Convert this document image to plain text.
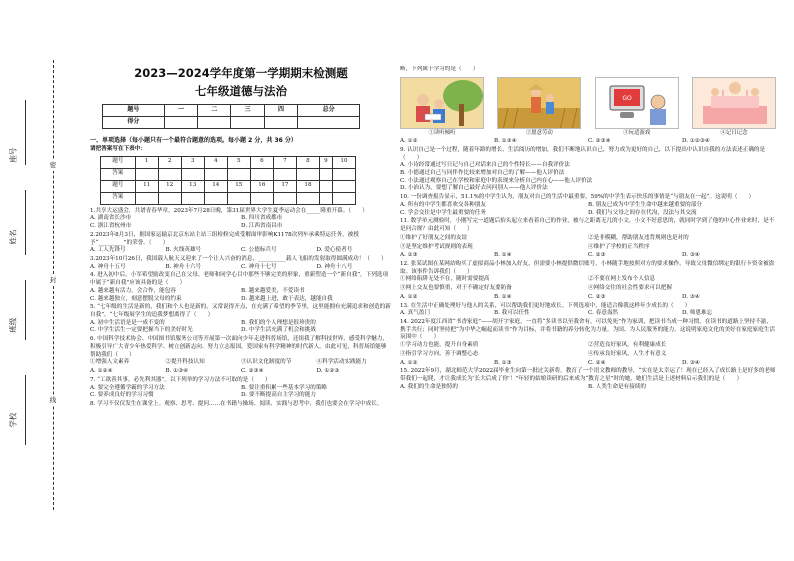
密
封
线
学校
班级
姓名
座号
2023—2024学年度第一学期期末检测题
七年级道德与法治
题号	一	二	三	四	总分
得分					
一、单项选择（每小题只有一个最符合题意的选项。每小题 2 分，共 36 分）
请把答案写在下表中：
题号	1	2	3	4	5	6	7	8	9	10
答案										
题号	11	12	13	14	15	16	17	18		
答案										

1.共享大运盛会，共谱青春华章。2023年7月28日晚，第31届世界大学生夏季运动会在_____隆重开幕。（　　）

A. 湖南省长沙市	B. 四川省成都市
C. 浙江省杭州市	D. 江西省南昌市

2.2023年8月3日，据国家运输京北京东站主站三组检修完成受解面审影响K1178次列车承乘特运任务，被授予“_________”的荣誉。（　　）

A. 工人先锋号	B. 火线英雄号	C. 公德标兵号	D. 爱心使者号

3.2023年10月26日，我国载人航天又迎来了一个让人兴奋的消息，__________载人飞船的发射取得圆满成功！（　　）

A. 神舟十五号	B. 神舟十六号	C. 神舟十七号	D. 神舟十八号

4. 进入初中后，小军希望励改变自己在父母、老师和同学心目中那些不够完美的形象，重新塑造一个“新自我”。下列选项中属于“新自我”应该具备的是（　　）

A. 越来越有活力，会合作，能包容	B. 越来越爱美，不爱读书
C. 越来越独立，刻意摆脱父母的约束	D. 越来越上进，敢于表达，越能自我

5. “七年级的生活是新的，我们和个人也是新的，又常说得开点，在充满了希望的季节里，这里能拥有充满追求和创造的新自我”，“七年级展学生的追我梦想离得了（　　）

A. 初中生活语是是一成不变的	B. 我们的个人理想是很珍贵的
C. 中学生活生一定要把握当下的美好时光	D. 中学生活充满了机会和挑战

6. 中国科学技术协会、中国图书馆服务公司等开展第一次面向少年走进科普场馆，还组我了解科技世界、感受科学魅力，积极引导广大青少年热爱科学、树立创新志向、努力立志报国，爱国家有科学精神的时代新人。由此可见，科普场馆能够帮助我们（　　）

①增强人文素养	②提升科技认知	③认识文化制度的节	④科学活动实践能力
A. ①②④	B. ①③④	C. ②③④	D. ①②③

7. “工欲善其事，必先利其器”。以下列举的学习方法不可取的是（　　）

A. 要完全遵循学霸的学习方法	B. 要注重积累一些基本学习的策略
C. 要养成良好的学习习惯	D. 要不断提高自主学习的能力

8. 学习不仅仅发生在课堂上。观察、思考、提问……在书籍与操场、阅读、实践与思考中，我们也要会在学习中成长。

断，下列属于学习的是（　　）

GO
①读听倾听	②愿意劳动	③玩适游戏	④记日记念
A. ①②	B. ①③④	C. ②③④	D. ①②③④

9. 认识自己是一个过程，随着年龄的增长、生活阅历的增加，我们不断地认识自己，努力成为更好的自己，以下提出中认识自我的方法表述正确的是（　　）

A. 小诗经常通过写日记与自己对话来自己的个性特长——自我评价法
B. 小德通过自己与同伴作比较来增加对自己的了解——他人评价法
C. 小法通过观察自己在学校和家庭中的表现来分析自己内在心——他人评价法
D. 小治认为，要想了解自己最好去问问别人——他人评价法

10. 一份调查报告显示，51.1%的中学生认为，朋友对自己的生活中最重要，59%的中学生表示快乐的事情是“与朋友在一起”。这说明（　　）

A. 所有的中学生都喜欢交各种朋友	B. 朋友已成为中学生生命中越来越重要的部分
C. 学会交往是中学生最重要的任务	D. 我们与父母之间存在代沟，没法与其交流

11. 数学单元测验时，小刚写完一道题后抬头起立来看着自己的作业，被与之距离无几的小文，小文不好意思的，就同时学到了他的中心作业来时，是不是问合规？由此可知（　　）

①维护了好朋友之间的友谊	②是非模糊，帮助朋友违背规则也是对的
③是坚定维护考试规则的表现	④维护了学校的正当秩序
A. ①③	B. ①④	C. ②③	D. ③④

12. 张某试图在某网站购买了虚拟商品小林加入好友，但需要小林提供微信账号，小林随手地按照对方的要求操作，导致父母微信绑定的银行卡资金被盗取。该事件告诉我们（　　）

①网络陷阱无处不在，随时需要提高	②不要在网上发布个人信息
③网上交友也要慎重，对于不确定好友要防备	④网络交往的社会性要求可以把握
A. ①②	B. ①④	C. ②③	D. ③④

13. 在生活中正确处理好与他人的关系，可以帮助我们更好地成长。下列选项中，能适合像我这样年少成长的（　　）

A. 真气盈门	B. 我可以任性	C. 春意盎然	D. 师恩难忘

14. 2022年度江西省“书香家庭”——胡开宇家庭，一直将“多读书以至我舍有，可以免死”作为家训，把读书当成一种习惯，在读书的道路上坚持不渝，携手共行；同时坚持把“为中华之崛起而读书”作为目标，并将书籍的养分转化为力量。为国、为人民服务的能力。这说明家庭文化的美好在家庭家庭生活氛围中（　　）

①学习动力也能，提升自身素质	②营造良好家风，有利健康成长
③指引学习方向，善于调整心态	④传承良好家风，人生才有意义
A. ①②	B. ①③	C. ②④	D. ③④

15. 2022年9月，湖北师范大学2022届毕业生向第一批过关新将，教育了一个语文教师的教导，“实在是太幸运了！现在已经入了成长路上是好多的老师带我们一起爬，才让我成长为‘长大后成了你’！”年轻的姑娘读研的后来成为“教育之星”时的她，她们生活是上述材料启示我们的是（　　）

A. 我们的生命是独特的	B. 人类生命是有接续的
